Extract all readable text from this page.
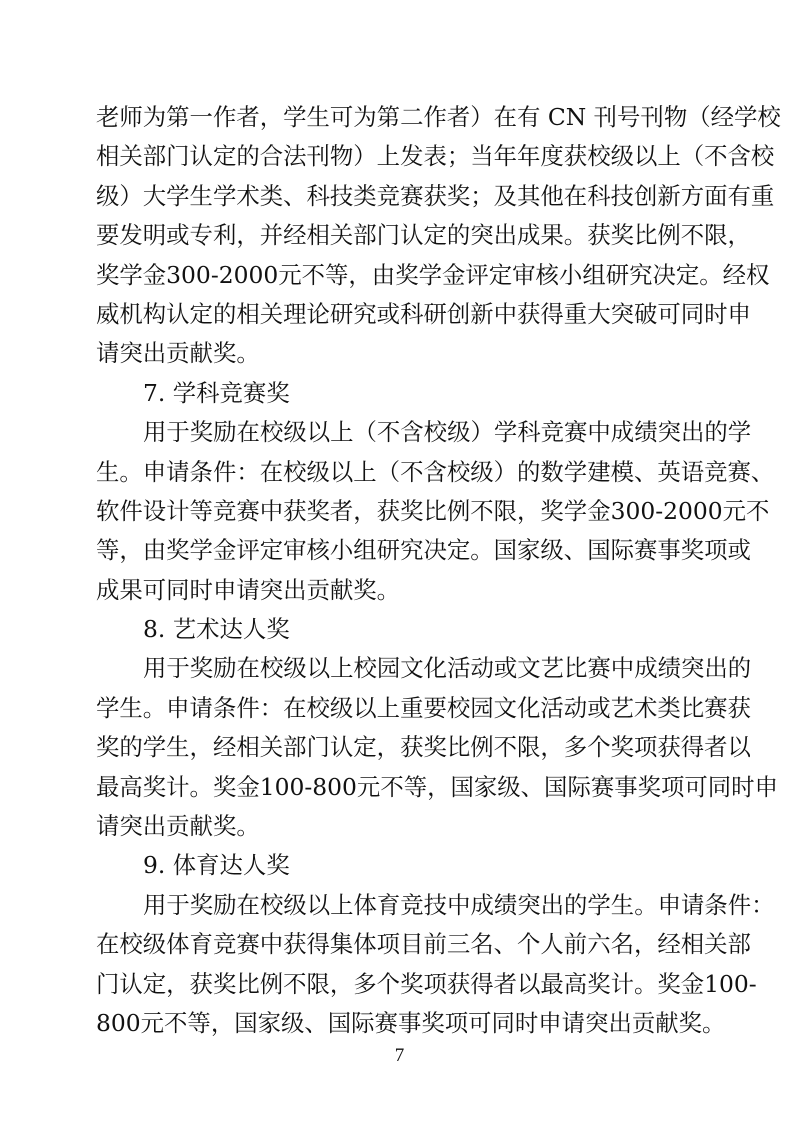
老师为第一作者，学生可为第二作者）在有 CN 刊号刊物（经学校
相关部门认定的合法刊物）上发表；当年年度获校级以上（不含校
级）大学生学术类、科技类竞赛获奖；及其他在科技创新方面有重
要发明或专利，并经相关部门认定的突出成果。获奖比例不限，
奖学金300-2000元不等，由奖学金评定审核小组研究决定。经权
威机构认定的相关理论研究或科研创新中获得重大突破可同时申
请突出贡献奖。
7. 学科竞赛奖
用于奖励在校级以上（不含校级）学科竞赛中成绩突出的学
生。申请条件：在校级以上（不含校级）的数学建模、英语竞赛、
软件设计等竞赛中获奖者，获奖比例不限，奖学金300-2000元不
等，由奖学金评定审核小组研究决定。国家级、国际赛事奖项或
成果可同时申请突出贡献奖。
8. 艺术达人奖
用于奖励在校级以上校园文化活动或文艺比赛中成绩突出的
学生。申请条件：在校级以上重要校园文化活动或艺术类比赛获
奖的学生，经相关部门认定，获奖比例不限，多个奖项获得者以
最高奖计。奖金100-800元不等，国家级、国际赛事奖项可同时申
请突出贡献奖。
9. 体育达人奖
用于奖励在校级以上体育竞技中成绩突出的学生。申请条件：
在校级体育竞赛中获得集体项目前三名、个人前六名，经相关部
门认定，获奖比例不限，多个奖项获得者以最高奖计。奖金100-
800元不等，国家级、国际赛事奖项可同时申请突出贡献奖。
7
